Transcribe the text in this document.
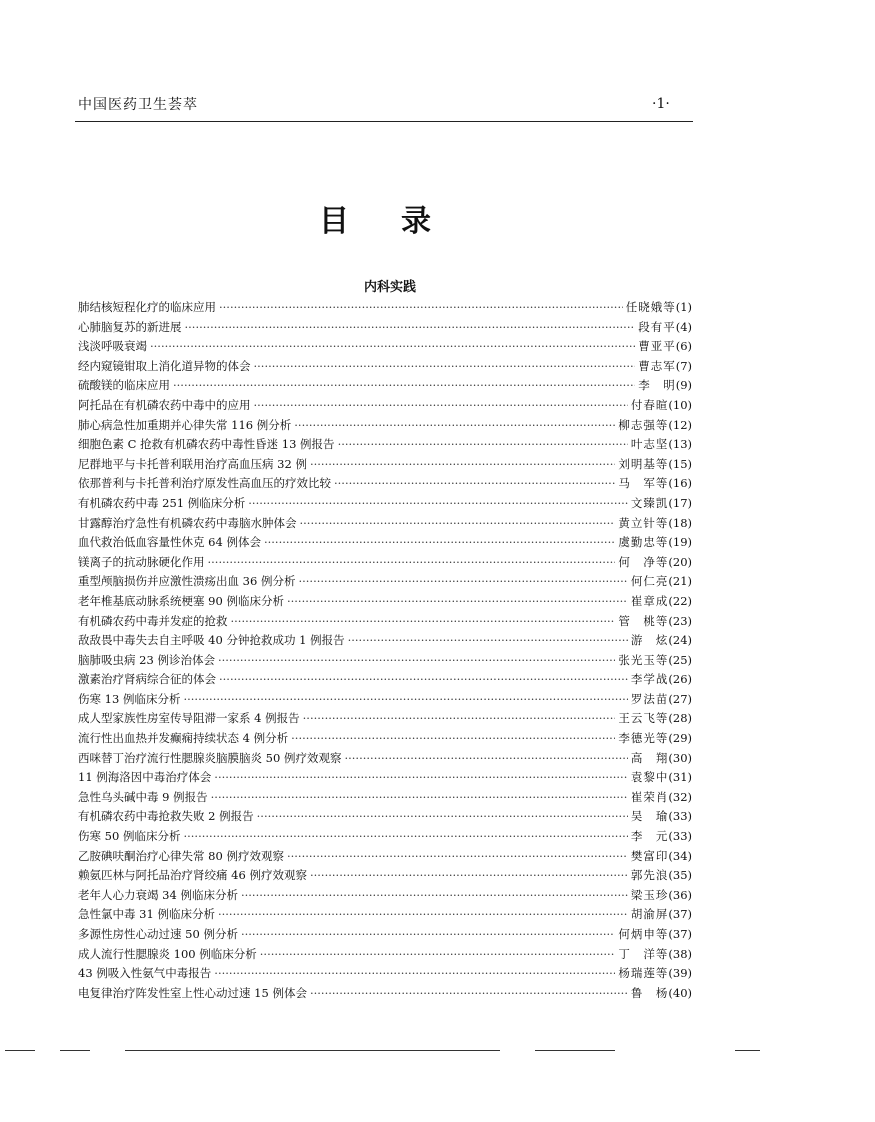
中国医药卫生荟萃	·1·
目 录
内科实践
肺结核短程化疗的临床应用 ·····	任晓娥等 (1)
心肺脑复苏的新进展 ·····	段有平 (4)
浅淡呼吸衰竭 ·····	曹亚平 (6)
经内窥镜钳取上消化道异物的体会 ·····	曹志军 (7)
硫酸镁的临床应用 ·····	李　明 (9)
阿托品在有机磷农药中毒中的应用 ·····	付春暄 (10)
肺心病急性加重期并心律失常 116 例分析 ·····	柳志强等 (12)
细胞色素 C 抢救有机磷农药中毒性昏迷 13 例报告 ·····	叶志坚 (13)
尼群地平与卡托普利联用治疗高血压病 32 例 ·····	刘明基等 (15)
依那普利与卡托普利治疗原发性高血压的疗效比较 ·····	马　军等 (16)
有机磷农药中毒 251 例临床分析 ·····	文臻凯 (17)
甘露醇治疗急性有机磷农药中毒脑水肿体会 ·····	黄立针等 (18)
血代救治低血容量性休克 64 例体会 ·····	虞勤忠等 (19)
镁离子的抗动脉硬化作用 ·····	何　净等 (20)
重型颅脑损伤并应激性溃疡出血 36 例分析 ·····	何仁亮 (21)
老年椎基底动脉系统梗塞 90 例临床分析 ·····	崔章成 (22)
有机磷农药中毒并发症的抢救 ·····	管　桃等 (23)
敌敌畏中毒失去自主呼吸 40 分钟抢救成功 1 例报告 ·····	游　炫 (24)
脑肺吸虫病 23 例诊治体会 ·····	张光玉等 (25)
激素治疗肾病综合征的体会 ·····	李学战 (26)
伤寒 13 例临床分析 ·····	罗法苗 (27)
成人型家族性房室传导阻滞一家系 4 例报告 ·····	王云飞等 (28)
流行性出血热并发癫痫持续状态 4 例分析 ·····	李德光等 (29)
西咪替丁治疗流行性腮腺炎脑膜脑炎 50 例疗效观察 ·····	高　翔 (30)
11 例海洛因中毒治疗体会 ·····	袁黎中 (31)
急性乌头碱中毒 9 例报告 ·····	崔荣肖 (32)
有机磷农药中毒抢救失败 2 例报告 ·····	吴　瑜 (33)
伤寒 50 例临床分析 ·····	李　元 (33)
乙胺碘呋酮治疗心律失常 80 例疗效观察 ·····	樊富印 (34)
赖氨匹林与阿托品治疗肾绞痛 46 例疗效观察 ·····	郭先浪 (35)
老年人心力衰竭 34 例临床分析 ·····	梁玉珍 (36)
急性氯中毒 31 例临床分析 ·····	胡渝屏 (37)
多源性房性心动过速 50 例分析 ·····	何炳申等 (37)
成人流行性腮腺炎 100 例临床分析 ·····	丁　洋等 (38)
43 例吸入性氨气中毒报告 ·····	杨瑞莲等 (39)
电复律治疗阵发性室上性心动过速 15 例体会 ·····	鲁　杨 (40)
